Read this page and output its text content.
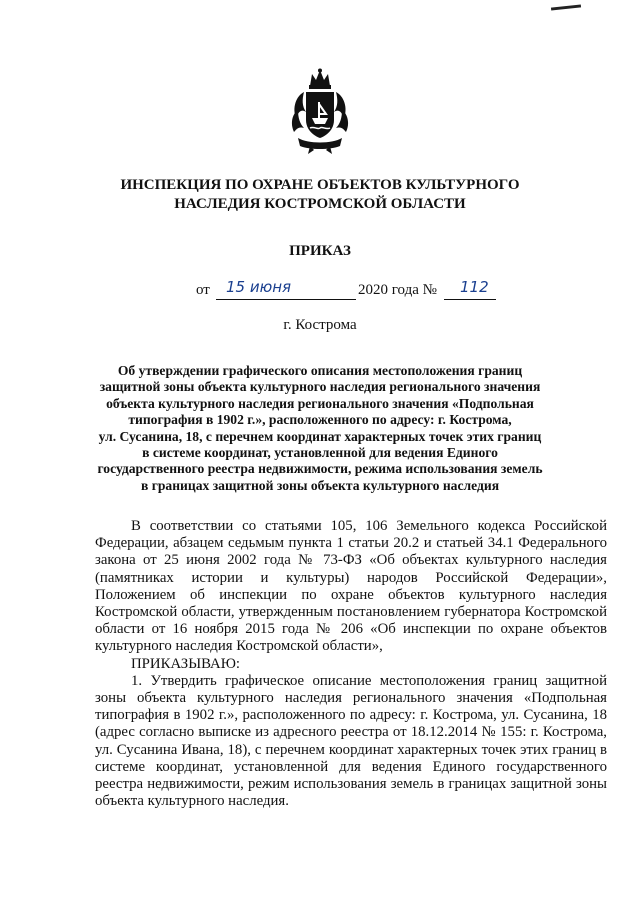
ИНСПЕКЦИЯ ПО ОХРАНЕ ОБЪЕКТОВ КУЛЬТУРНОГО
НАСЛЕДИЯ КОСТРОМСКОЙ ОБЛАСТИ
ПРИКАЗ
от 15 июня	2020 года № 112
г. Кострома
Об утверждении графического описания местоположения границ
защитной зоны объекта культурного наследия регионального значения
объекта культурного наследия регионального значения «Подпольная
типография в 1902 г.», расположенного по адресу: г. Кострома,
ул. Сусанина, 18, с перечнем координат характерных точек этих границ
в системе координат, установленной для ведения Единого
государственного реестра недвижимости, режима использования земель
в границах защитной зоны объекта культурного наследия

В соответствии со статьями 105, 106 Земельного кодекса Российской Федерации, абзацем седьмым пункта 1 статьи 20.2 и статьей 34.1 Федерального закона от 25 июня 2002 года № 73-ФЗ «Об объектах культурного наследия (памятниках истории и культуры) народов Российской Федерации», Положением об инспекции по охране объектов культурного наследия Костромской области, утвержденным постановлением губернатора Костромской области от 16 ноября 2015 года № 206 «Об инспекции по охране объектов культурного наследия Костромской области»,

ПРИКАЗЫВАЮ:

1. Утвердить графическое описание местоположения границ защитной зоны объекта культурного наследия регионального значения «Подпольная типография в 1902 г.», расположенного по адресу: г. Кострома, ул. Сусанина, 18 (адрес согласно выписке из адресного реестра от 18.12.2014 № 155: г. Кострома, ул. Сусанина Ивана, 18), с перечнем координат характерных точек этих границ в системе координат, установленной для ведения Единого государственного реестра недвижимости, режим использования земель в границах защитной зоны объекта культурного наследия.
